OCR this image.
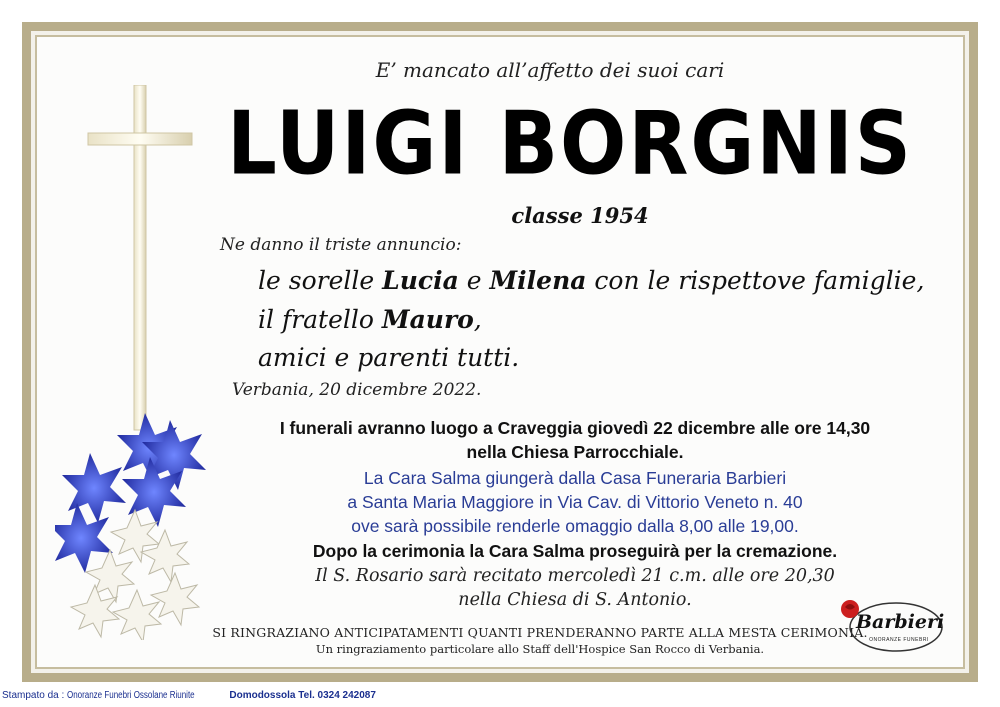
E’ mancato all’affetto dei suoi cari
LUIGI BORGNIS
classe 1954
Ne danno il triste annuncio:
le sorelle Lucia e Milena con le rispettove famiglie,
il fratello Mauro,
amici e parenti tutti.
Verbania, 20 dicembre 2022.
I funerali avranno luogo a Craveggia giovedì 22 dicembre alle ore 14,30
nella Chiesa Parrocchiale.
La Cara Salma giungerà dalla Casa Funeraria Barbieri
a Santa Maria Maggiore in Via Cav. di Vittorio Veneto n. 40
ove sarà possibile renderle omaggio dalla 8,00 alle 19,00.
Dopo la cerimonia la Cara Salma proseguirà per la cremazione.
Il S. Rosario sarà recitato mercoledì 21 c.m. alle ore 20,30
nella Chiesa di S. Antonio.
SI RINGRAZIANO ANTICIPATAMENTI QUANTI PRENDERANNO PARTE ALLA MESTA CERIMONIA.
Un ringraziamento particolare allo Staff dell'Hospice San Rocco di Verbania.
Barbieri
ONORANZE FUNEBRI
Stampato da : Onoranze Funebri Ossolane Riunite	Domodossola Tel. 0324 242087
